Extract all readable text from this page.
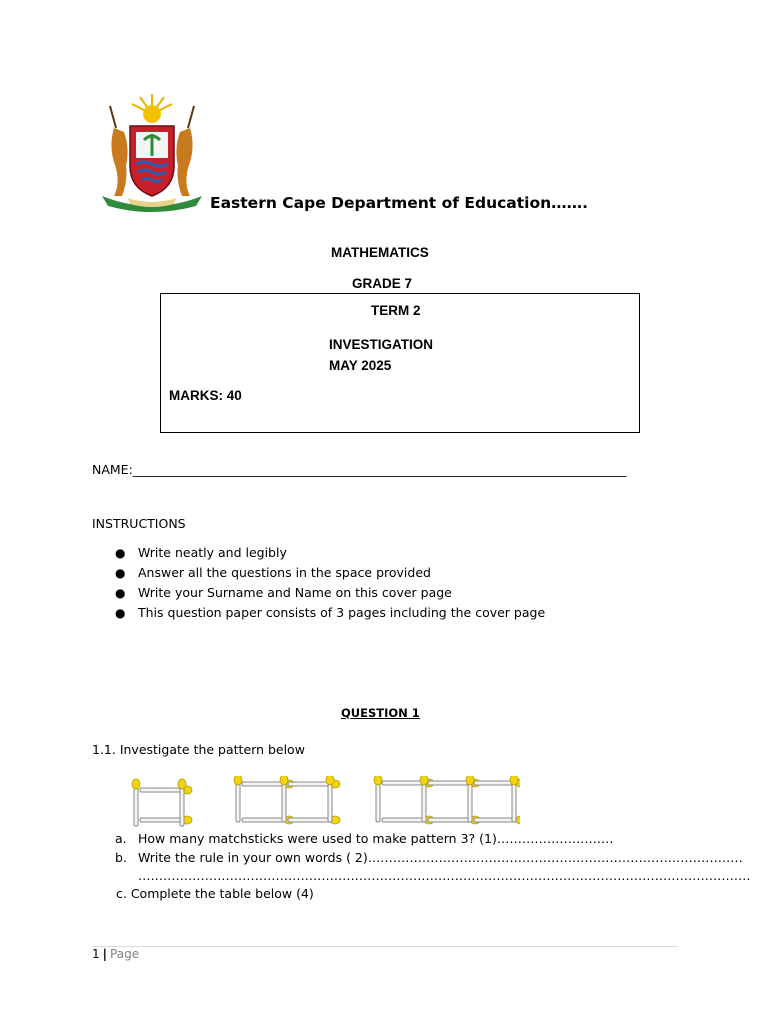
Eastern Cape Department of Education…….
MATHEMATICS
GRADE 7
TERM 2
INVESTIGATION
MAY 2025
MARKS: 40
NAME:_______________________________________________________________________________
INSTRUCTIONS
● Write neatly and legibly
● Answer all the questions in the space provided
● Write your Surname and Name on this cover page
● This question paper consists of 3 pages including the cover page
QUESTION 1
1.1. Investigate the pattern below
a. How many matchsticks were used to make pattern 3? (1)……………………….
b. Write the rule in your own words ( 2)………………………………………………………………………………
…………………………………………………………………………………………………………………………………
c. Complete the table below (4)
1 | Page
